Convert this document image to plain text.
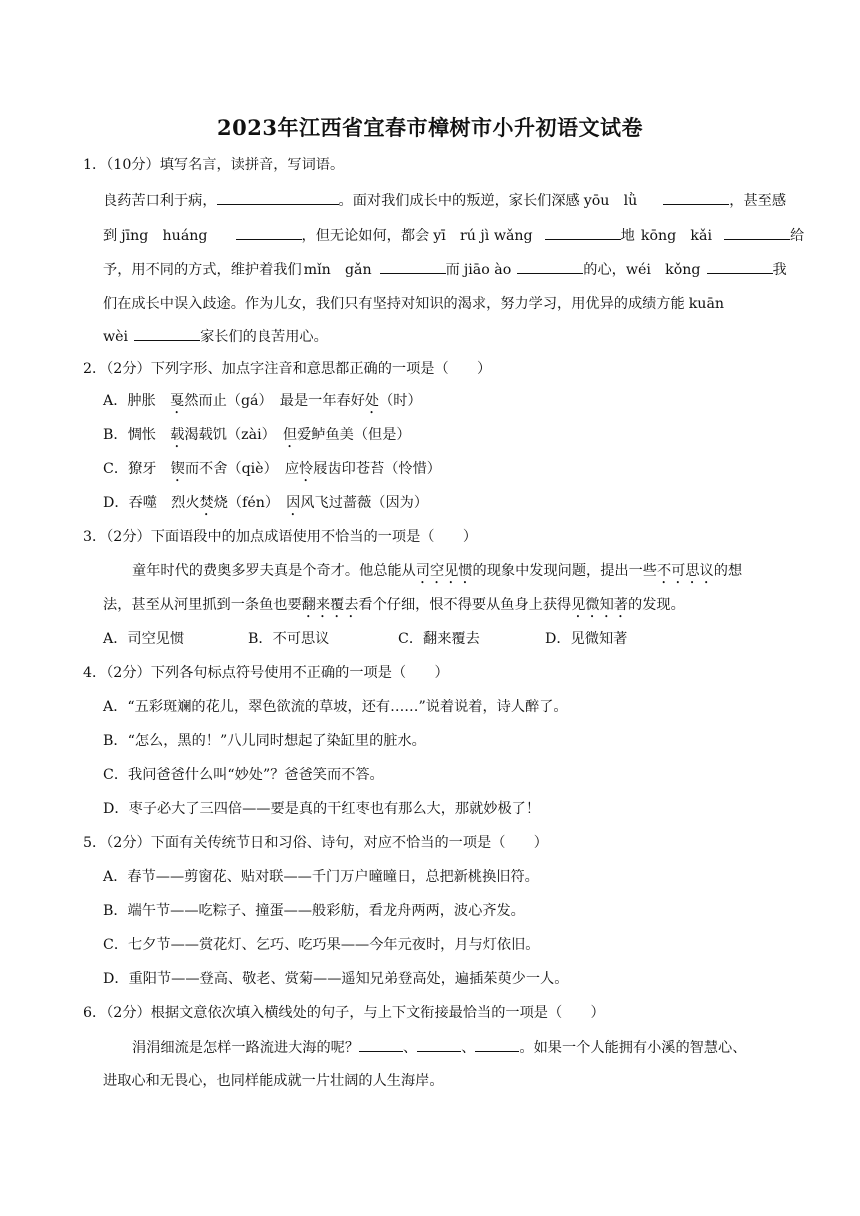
2023年江西省宜春市樟树市小升初语文试卷
1．（10分）填写名言，读拼音，写词语。
良药苦口利于病，	。面对我们成长中的叛逆，家长们深感 yōu　lǜ	，甚至感
到 jīng　huáng	，但无论如何，都会 yī　rú jì wǎng	地 kōng　kǎi	给
予，用不同的方式，维护着我们 mǐn　gǎn	而 jiāo ào	的心，wéi　kǒng	我
们在成长中误入歧途。作为儿女，我们只有坚持对知识的渴求，努力学习，用优异的成绩方能 kuān
wèi	家长们的良苦用心。
2．（2分）下列字形、加点字注音和意思都正确的一项是（　　）
A．肿胀　戛然而止（gá）　最是一年春好处（时）
B．惆怅　载渴载饥（zài）　但爱鲈鱼美（但是）
C．獠牙　锲而不舍（qiè）　应怜屐齿印苍苔（怜惜）
D．吞噬　烈火焚烧（fén）　因风飞过蔷薇（因为）
3．（2分）下面语段中的加点成语使用不恰当的一项是（　　）
童年时代的费奥多罗夫真是个奇才。他总能从司空见惯的现象中发现问题，提出一些不可思议的想
法，甚至从河里抓到一条鱼也要翻来覆去看个仔细，恨不得要从鱼身上获得见微知著的发现。
A．司空见惯	B．不可思议	C．翻来覆去	D．见微知著
4．（2分）下列各句标点符号使用不正确的一项是（　　）
A．“五彩斑斓的花儿，翠色欲流的草坡，还有……”说着说着，诗人醉了。
B．“怎么，黑的！”八儿同时想起了染缸里的脏水。
C．我问爸爸什么叫“妙处”？爸爸笑而不答。
D．枣子必大了三四倍——要是真的干红枣也有那么大，那就妙极了！
5．（2分）下面有关传统节日和习俗、诗句，对应不恰当的一项是（　　）
A．春节——剪窗花、贴对联——千门万户曈曈日，总把新桃换旧符。
B．端午节——吃粽子、撞蛋——般彩舫，看龙舟两两，波心齐发。
C．七夕节——赏花灯、乞巧、吃巧果——今年元夜时，月与灯依旧。
D．重阳节——登高、敬老、赏菊——遥知兄弟登高处，遍插茱萸少一人。
6．（2分）根据文意依次填入横线处的句子，与上下文衔接最恰当的一项是（　　）
涓涓细流是怎样一路流进大海的呢？	、	、	。如果一个人能拥有小溪的智慧心、
进取心和无畏心，也同样能成就一片壮阔的人生海岸。
